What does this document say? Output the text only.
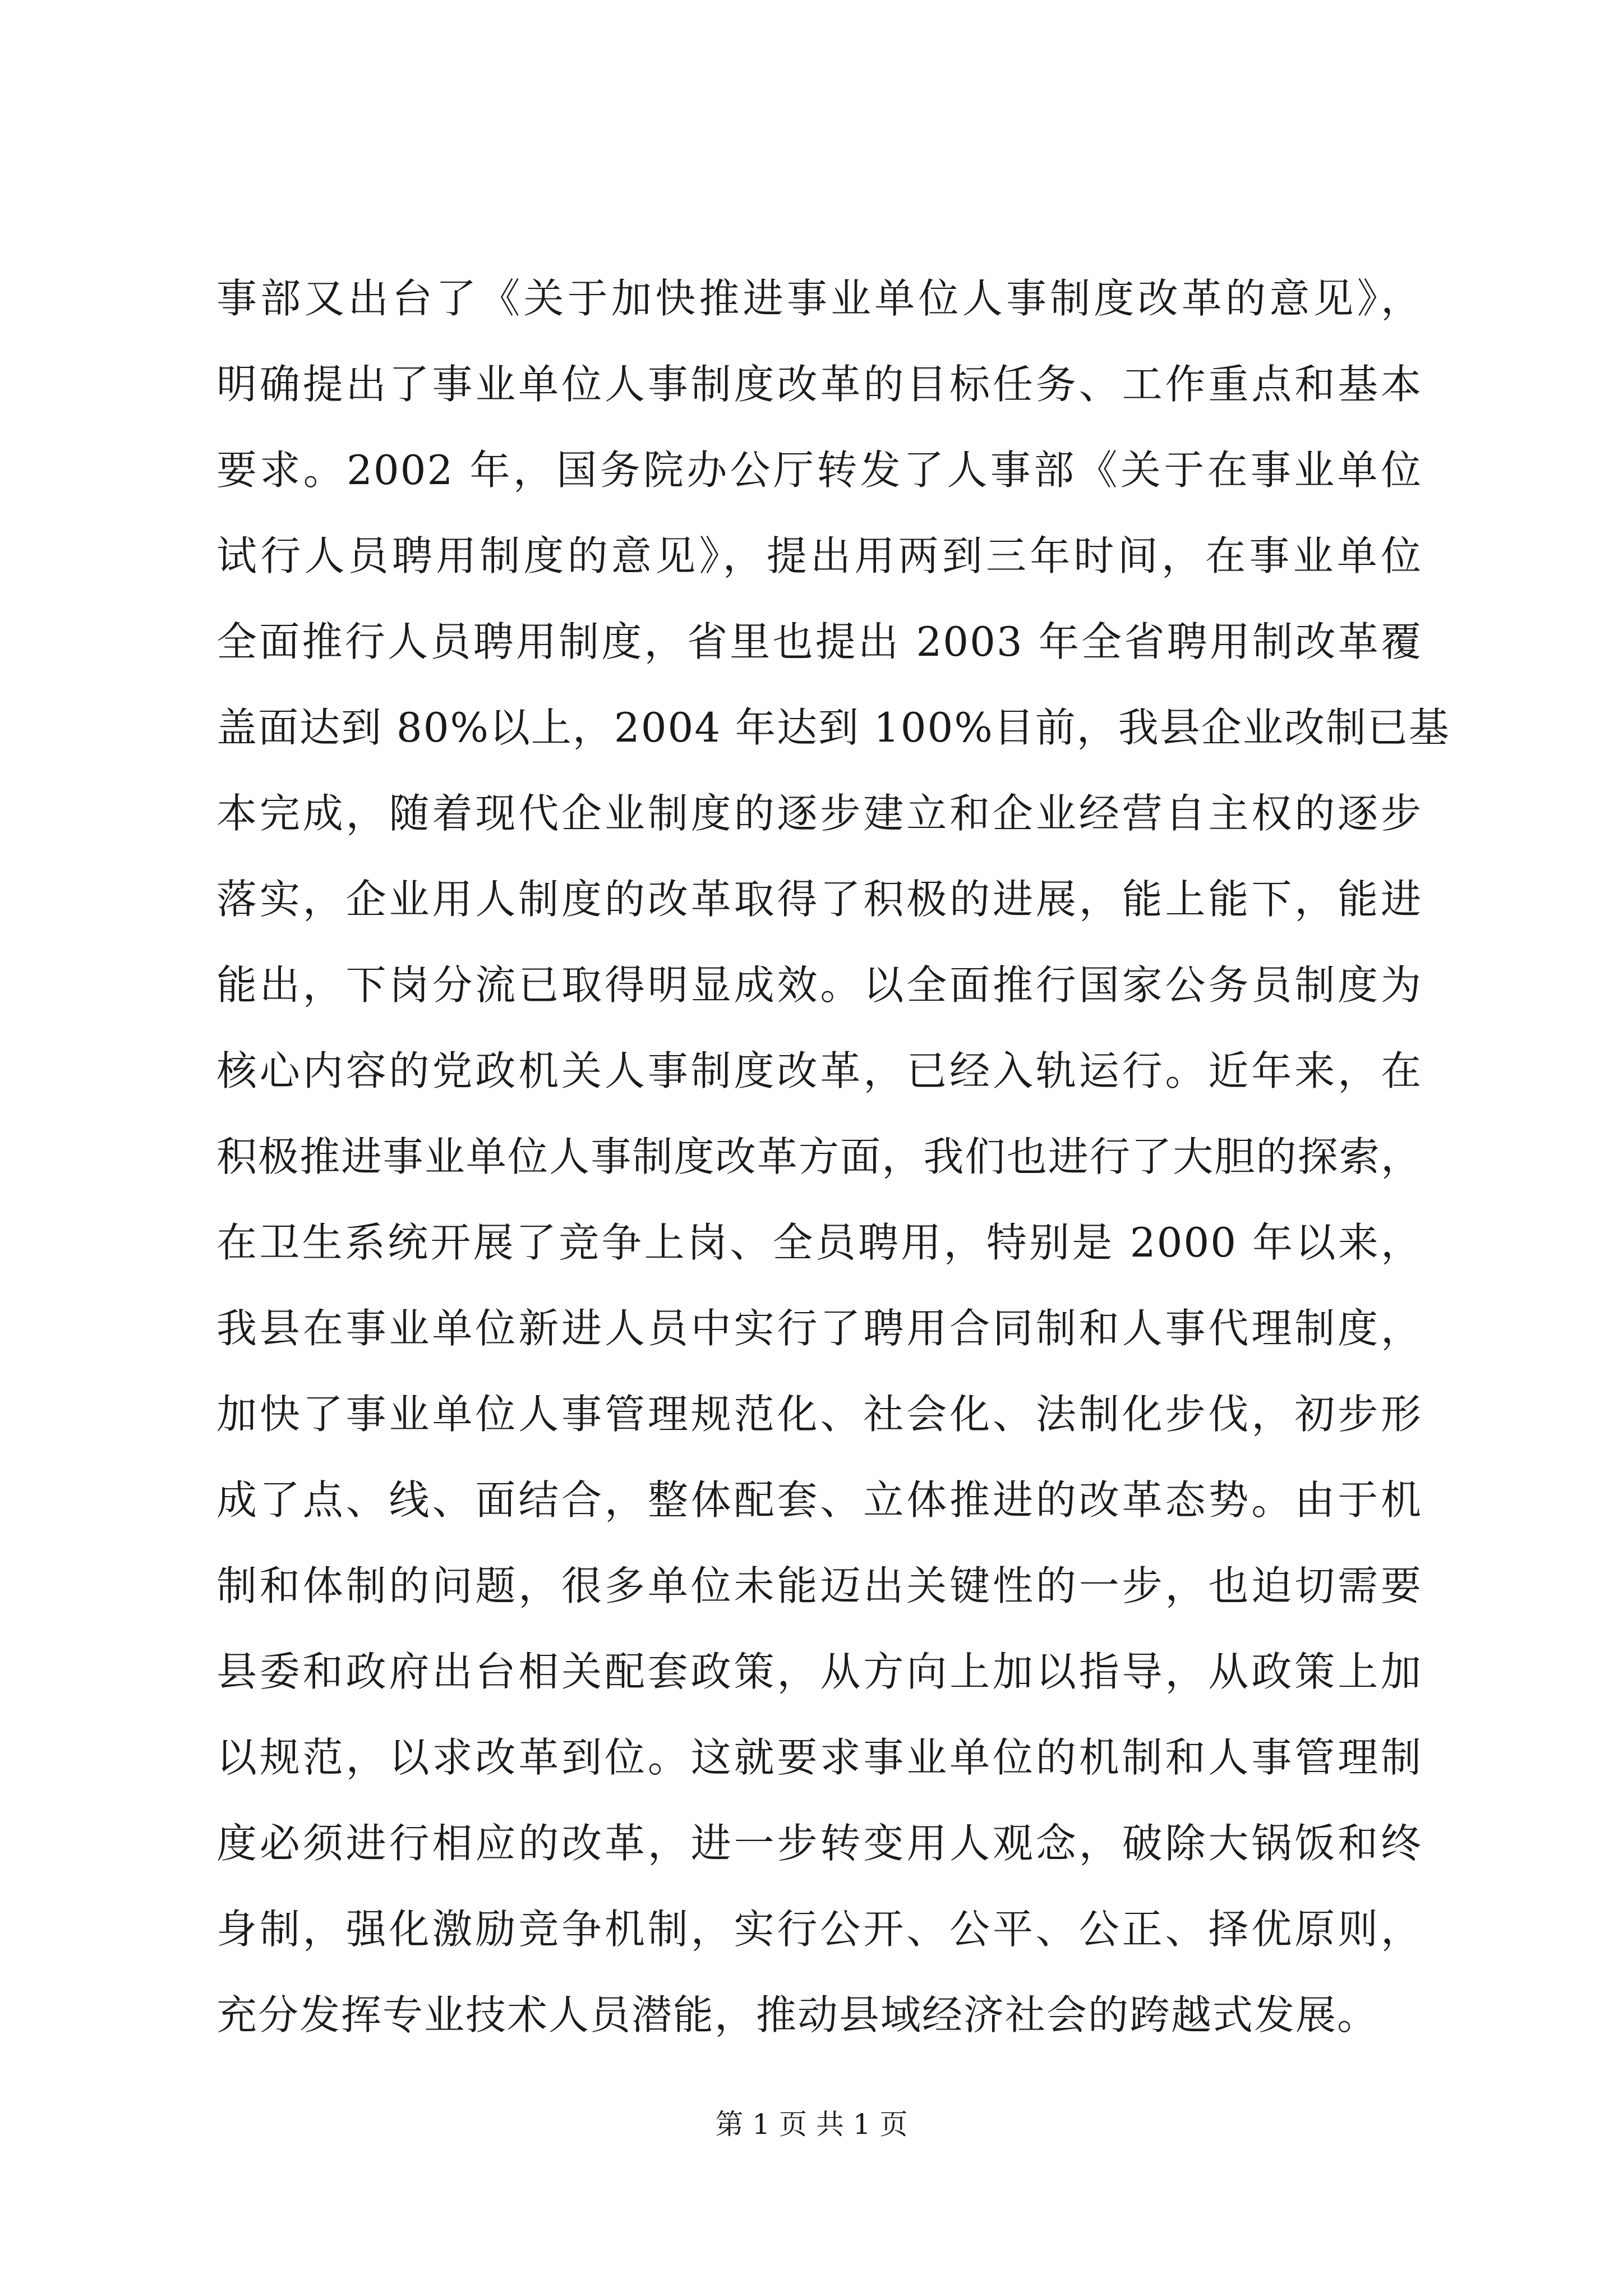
事部又出台了《关于加快推进事业单位人事制度改革的意见》，
明确提出了事业单位人事制度改革的目标任务、工作重点和基本
要求。2002 年，国务院办公厅转发了人事部《关于在事业单位
试行人员聘用制度的意见》，提出用两到三年时间，在事业单位
全面推行人员聘用制度，省里也提出 2003 年全省聘用制改革覆
盖面达到 80%以上，2004 年达到 100%目前，我县企业改制已基
本完成，随着现代企业制度的逐步建立和企业经营自主权的逐步
落实，企业用人制度的改革取得了积极的进展，能上能下，能进
能出，下岗分流已取得明显成效。以全面推行国家公务员制度为
核心内容的党政机关人事制度改革，已经入轨运行。近年来，在
积极推进事业单位人事制度改革方面，我们也进行了大胆的探索，
在卫生系统开展了竞争上岗、全员聘用，特别是 2000 年以来，
我县在事业单位新进人员中实行了聘用合同制和人事代理制度，
加快了事业单位人事管理规范化、社会化、法制化步伐，初步形
成了点、线、面结合，整体配套、立体推进的改革态势。由于机
制和体制的问题，很多单位未能迈出关键性的一步，也迫切需要
县委和政府出台相关配套政策，从方向上加以指导，从政策上加
以规范，以求改革到位。这就要求事业单位的机制和人事管理制
度必须进行相应的改革，进一步转变用人观念，破除大锅饭和终
身制，强化激励竞争机制，实行公开、公平、公正、择优原则，
充分发挥专业技术人员潜能，推动县域经济社会的跨越式发展。
第 1 页 共 1 页
